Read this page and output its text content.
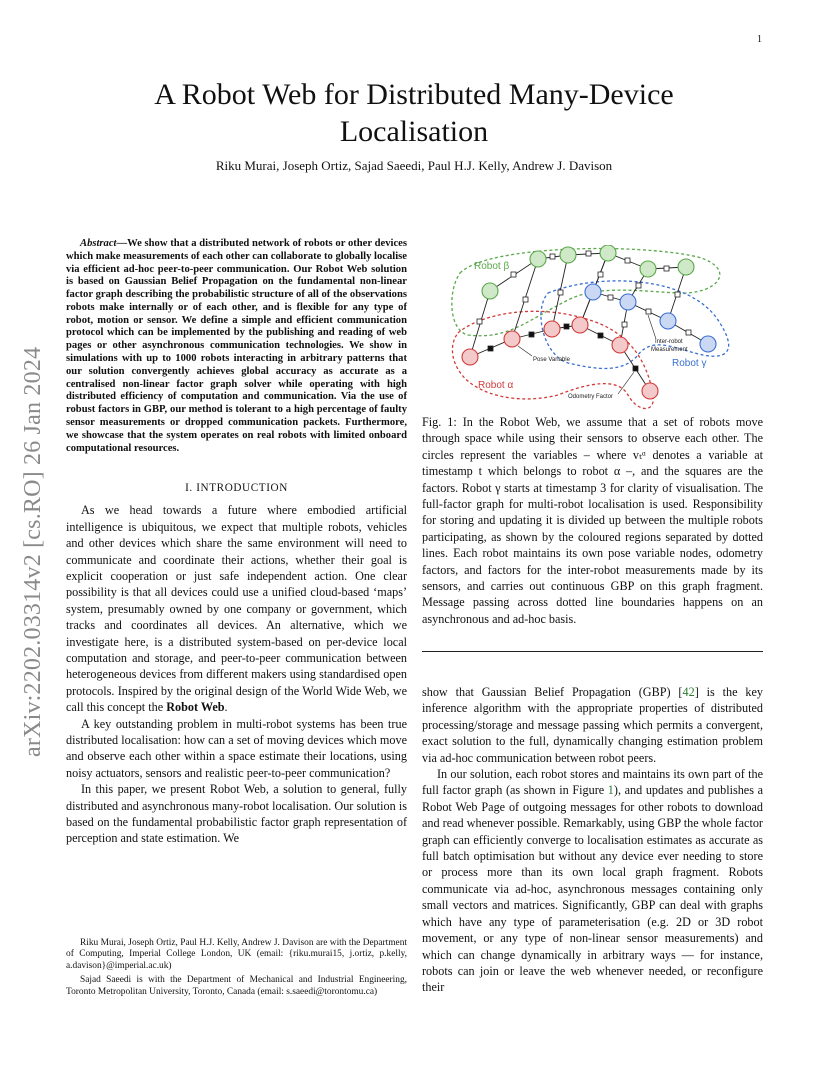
1
arXiv:2202.03314v2 [cs.RO] 26 Jan 2024
A Robot Web for Distributed Many-Device Localisation
Riku Murai, Joseph Ortiz, Sajad Saeedi, Paul H.J. Kelly, Andrew J. Davison

Abstract—We show that a distributed network of robots or other devices which make measurements of each other can collaborate to globally localise via efficient ad-hoc peer-to-peer communication. Our Robot Web solution is based on Gaussian Belief Propagation on the fundamental non-linear factor graph describing the probabilistic structure of all of the observations robots make internally or of each other, and is flexible for any type of robot, motion or sensor. We define a simple and efficient communication protocol which can be implemented by the publishing and reading of web pages or other asynchronous communication technologies. We show in simulations with up to 1000 robots interacting in arbitrary patterns that our solution convergently achieves global accuracy as accurate as a centralised non-linear factor graph solver while operating with high distributed efficiency of computation and communication. Via the use of robust factors in GBP, our method is tolerant to a high percentage of faulty sensor measurements or dropped communication packets. Furthermore, we showcase that the system operates on real robots with limited onboard computational resources.

I. INTRODUCTION

As we head towards a future where embodied artificial intelligence is ubiquitous, we expect that multiple robots, vehicles and other devices which share the same environment will need to communicate and coordinate their actions, whether their goal is explicit cooperation or just safe independent action. One clear possibility is that all devices could use a unified cloud-based ‘maps’ system, presumably owned by one company or government, which tracks and coordinates all devices. An alternative, which we investigate here, is a distributed system-based on per-device local computation and storage, and peer-to-peer communication between heterogeneous devices from different makers using standardised open protocols. Inspired by the original design of the World Wide Web, we call this concept the Robot Web.

A key outstanding problem in multi-robot systems has been true distributed localisation: how can a set of moving devices which move and observe each other within a space estimate their locations, using noisy actuators, sensors and realistic peer-to-peer communication?

In this paper, we present Robot Web, a solution to general, fully distributed and asynchronous many-robot localisation. Our solution is based on the fundamental probabilistic factor graph representation of perception and state estimation. We

Riku Murai, Joseph Ortiz, Paul H.J. Kelly, Andrew J. Davison are with the Department of Computing, Imperial College London, UK (email: {riku.murai15, j.ortiz, p.kelly, a.davison}@imperial.ac.uk)

Sajad Saeedi is with the Department of Mechanical and Industrial Engineering, Toronto Metropolitan University, Toronto, Canada (email: s.saeedi@torontomu.ca)

Robot β
Robot α
Robot γ
Pose Variable
Odometry Factor
Inter-robot
Measurement

Fig. 1: In the Robot Web, we assume that a set of robots move through space while using their sensors to observe each other. The circles represent the variables – where vₜᵅ denotes a variable at timestamp t which belongs to robot α –, and the squares are the factors. Robot γ starts at timestamp 3 for clarity of visualisation. The full-factor graph for multi-robot localisation is used. Responsibility for storing and updating it is divided up between the multiple robots participating, as shown by the coloured regions separated by dotted lines. Each robot maintains its own pose variable nodes, odometry factors, and factors for the inter-robot measurements made by its sensors, and carries out continuous GBP on this graph fragment. Message passing across dotted line boundaries happens on an asynchronous and ad-hoc basis.

show that Gaussian Belief Propagation (GBP) [42] is the key inference algorithm with the appropriate properties of distributed processing/storage and message passing which permits a convergent, exact solution to the full, dynamically changing estimation problem via ad-hoc communication between robot peers.

In our solution, each robot stores and maintains its own part of the full factor graph (as shown in Figure 1), and updates and publishes a Robot Web Page of outgoing messages for other robots to download and read whenever possible. Remarkably, using GBP the whole factor graph can efficiently converge to localisation estimates as accurate as full batch optimisation but without any device ever needing to store or process more than its own local graph fragment. Robots communicate via ad-hoc, asynchronous messages containing only small vectors and matrices. Significantly, GBP can deal with graphs which have any type of parameterisation (e.g. 2D or 3D robot movement, or any type of non-linear sensor measurements) and which can change dynamically in arbitrary ways — for instance, robots can join or leave the web whenever needed, or reconfigure their
